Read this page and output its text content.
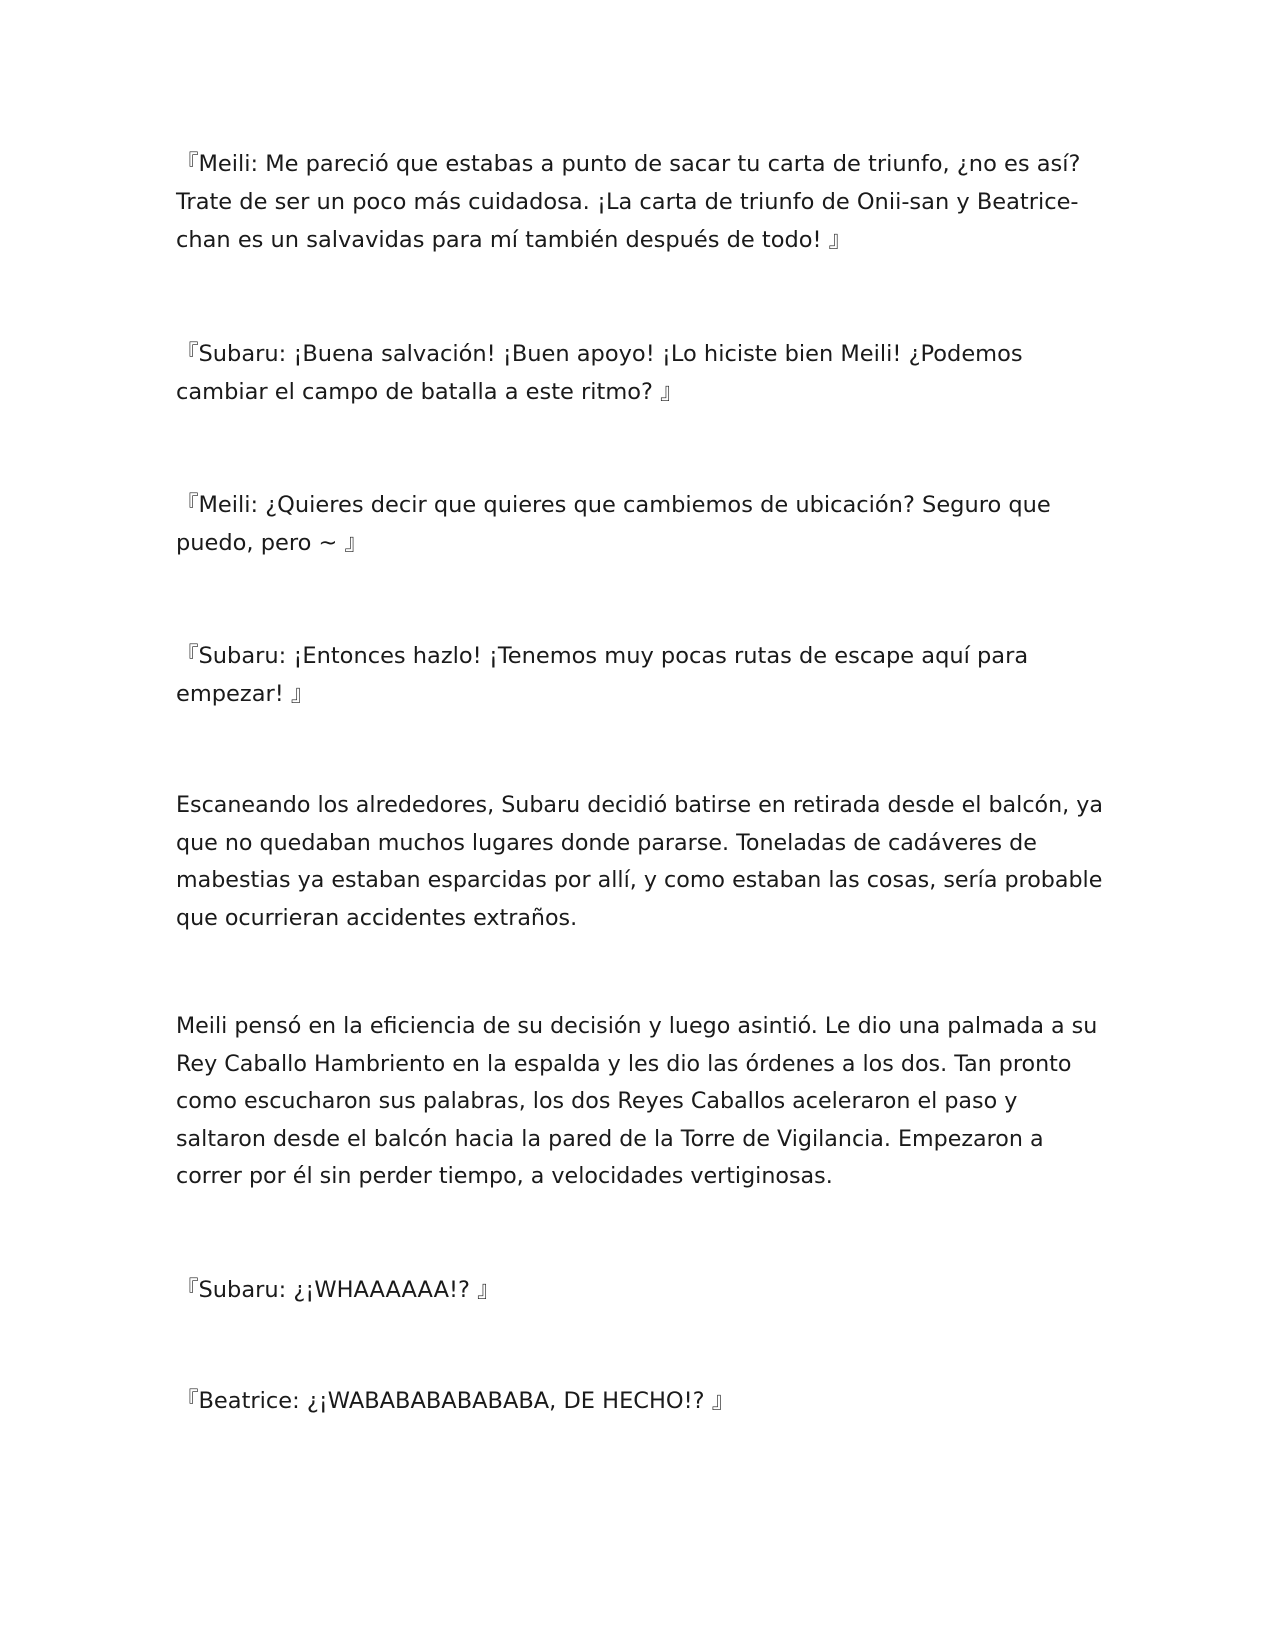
『Meili: Me pareció que estabas a punto de sacar tu carta de triunfo, ¿no es así? Trate de ser un poco más cuidadosa. ¡La carta de triunfo de Onii-san y Beatrice-chan es un salvavidas para mí también después de todo! 』

『Subaru: ¡Buena salvación! ¡Buen apoyo! ¡Lo hiciste bien Meili! ¿Podemos cambiar el campo de batalla a este ritmo? 』

『Meili: ¿Quieres decir que quieres que cambiemos de ubicación? Seguro que puedo, pero ~ 』

『Subaru: ¡Entonces hazlo! ¡Tenemos muy pocas rutas de escape aquí para empezar! 』

Escaneando los alrededores, Subaru decidió batirse en retirada desde el balcón, ya que no quedaban muchos lugares donde pararse. Toneladas de cadáveres de mabestias ya estaban esparcidas por allí, y como estaban las cosas, sería probable que ocurrieran accidentes extraños.

Meili pensó en la eficiencia de su decisión y luego asintió. Le dio una palmada a su Rey Caballo Hambriento en la espalda y les dio las órdenes a los dos. Tan pronto como escucharon sus palabras, los dos Reyes Caballos aceleraron el paso y saltaron desde el balcón hacia la pared de la Torre de Vigilancia. Empezaron a correr por él sin perder tiempo, a velocidades vertiginosas.

『Subaru: ¿¡WHAAAAAA!? 』

『Beatrice: ¿¡WABABABABABABA, DE HECHO!? 』
